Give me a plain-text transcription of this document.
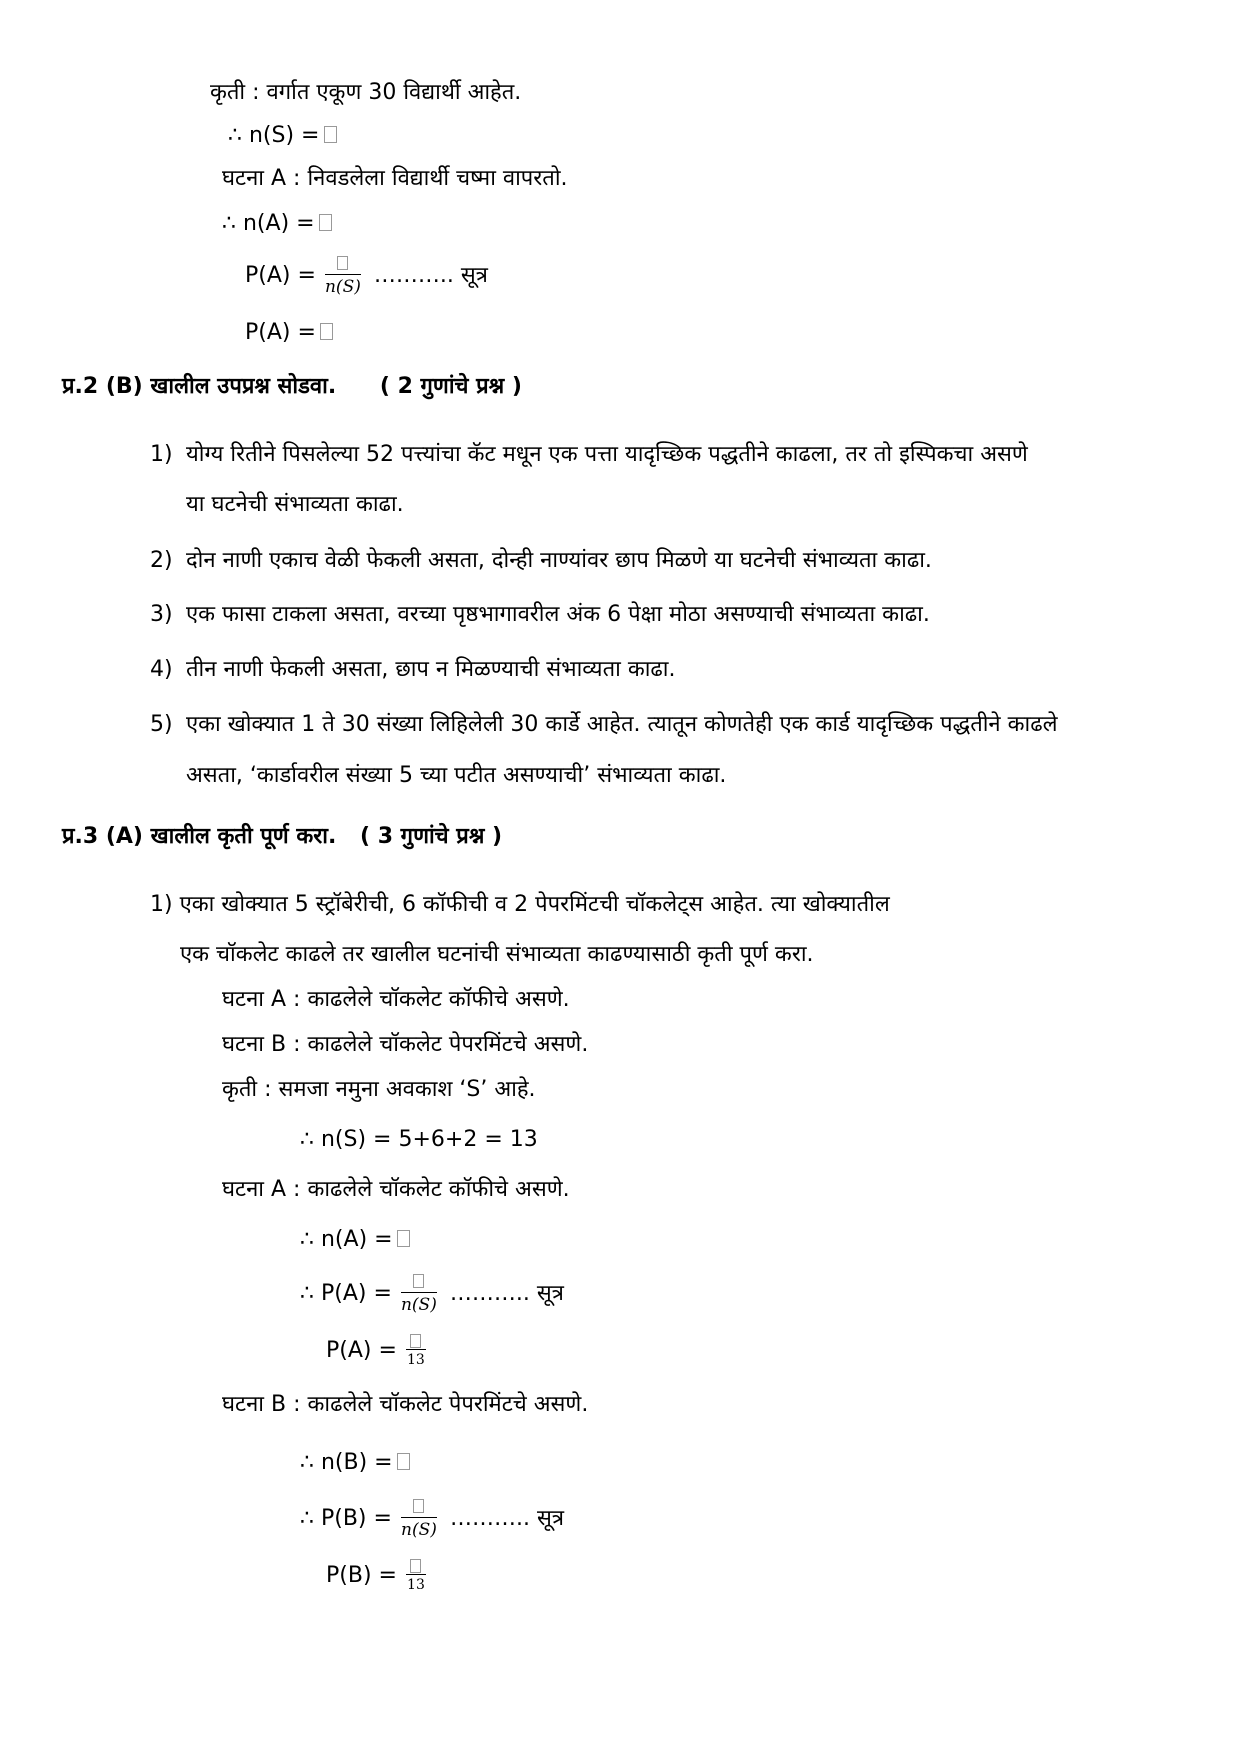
कृती : वर्गात एकूण 30 विद्यार्थी आहेत.
∴ n(S) =
घटना A : निवडलेला विद्यार्थी चष्मा वापरतो.
∴ n(A) =
P(A) = n(S) ……….. सूत्र
P(A) =
प्र.2 (B) खालील उपप्रश्न सोडवा. ( 2 गुणांचे प्रश्न )
1) योग्य रितीने पिसलेल्या 52 पत्त्यांचा कॅट मधून एक पत्ता यादृच्छिक पद्धतीने काढला, तर तो इस्पिकचा असणे
या घटनेची संभाव्यता काढा.
2) दोन नाणी एकाच वेळी फेकली असता, दोन्ही नाण्यांवर छाप मिळणे या घटनेची संभाव्यता काढा.
3) एक फासा टाकला असता, वरच्या पृष्ठभागावरील अंक 6 पेक्षा मोठा असण्याची संभाव्यता काढा.
4) तीन नाणी फेकली असता, छाप न मिळण्याची संभाव्यता काढा.
5) एका खोक्यात 1 ते 30 संख्या लिहिलेली 30 कार्डे आहेत. त्यातून कोणतेही एक कार्ड यादृच्छिक पद्धतीने काढले
असता, ‘कार्डावरील संख्या 5 च्या पटीत असण्याची’ संभाव्यता काढा.
प्र.3 (A) खालील कृती पूर्ण करा. ( 3 गुणांचे प्रश्न )
1) एका खोक्यात 5 स्ट्रॉबेरीची, 6 कॉफीची व 2 पेपरमिंटची चॉकलेट्स आहेत. त्या खोक्यातील
एक चॉकलेट काढले तर खालील घटनांची संभाव्यता काढण्यासाठी कृती पूर्ण करा.
घटना A : काढलेले चॉकलेट कॉफीचे असणे.
घटना B : काढलेले चॉकलेट पेपरमिंटचे असणे.
कृती : समजा नमुना अवकाश ‘S’ आहे.
∴ n(S) = 5+6+2 = 13
घटना A : काढलेले चॉकलेट कॉफीचे असणे.
∴ n(A) =
∴ P(A) = n(S) ……….. सूत्र
P(A) = 13
घटना B : काढलेले चॉकलेट पेपरमिंटचे असणे.
∴ n(B) =
∴ P(B) = n(S) ……….. सूत्र
P(B) = 13
